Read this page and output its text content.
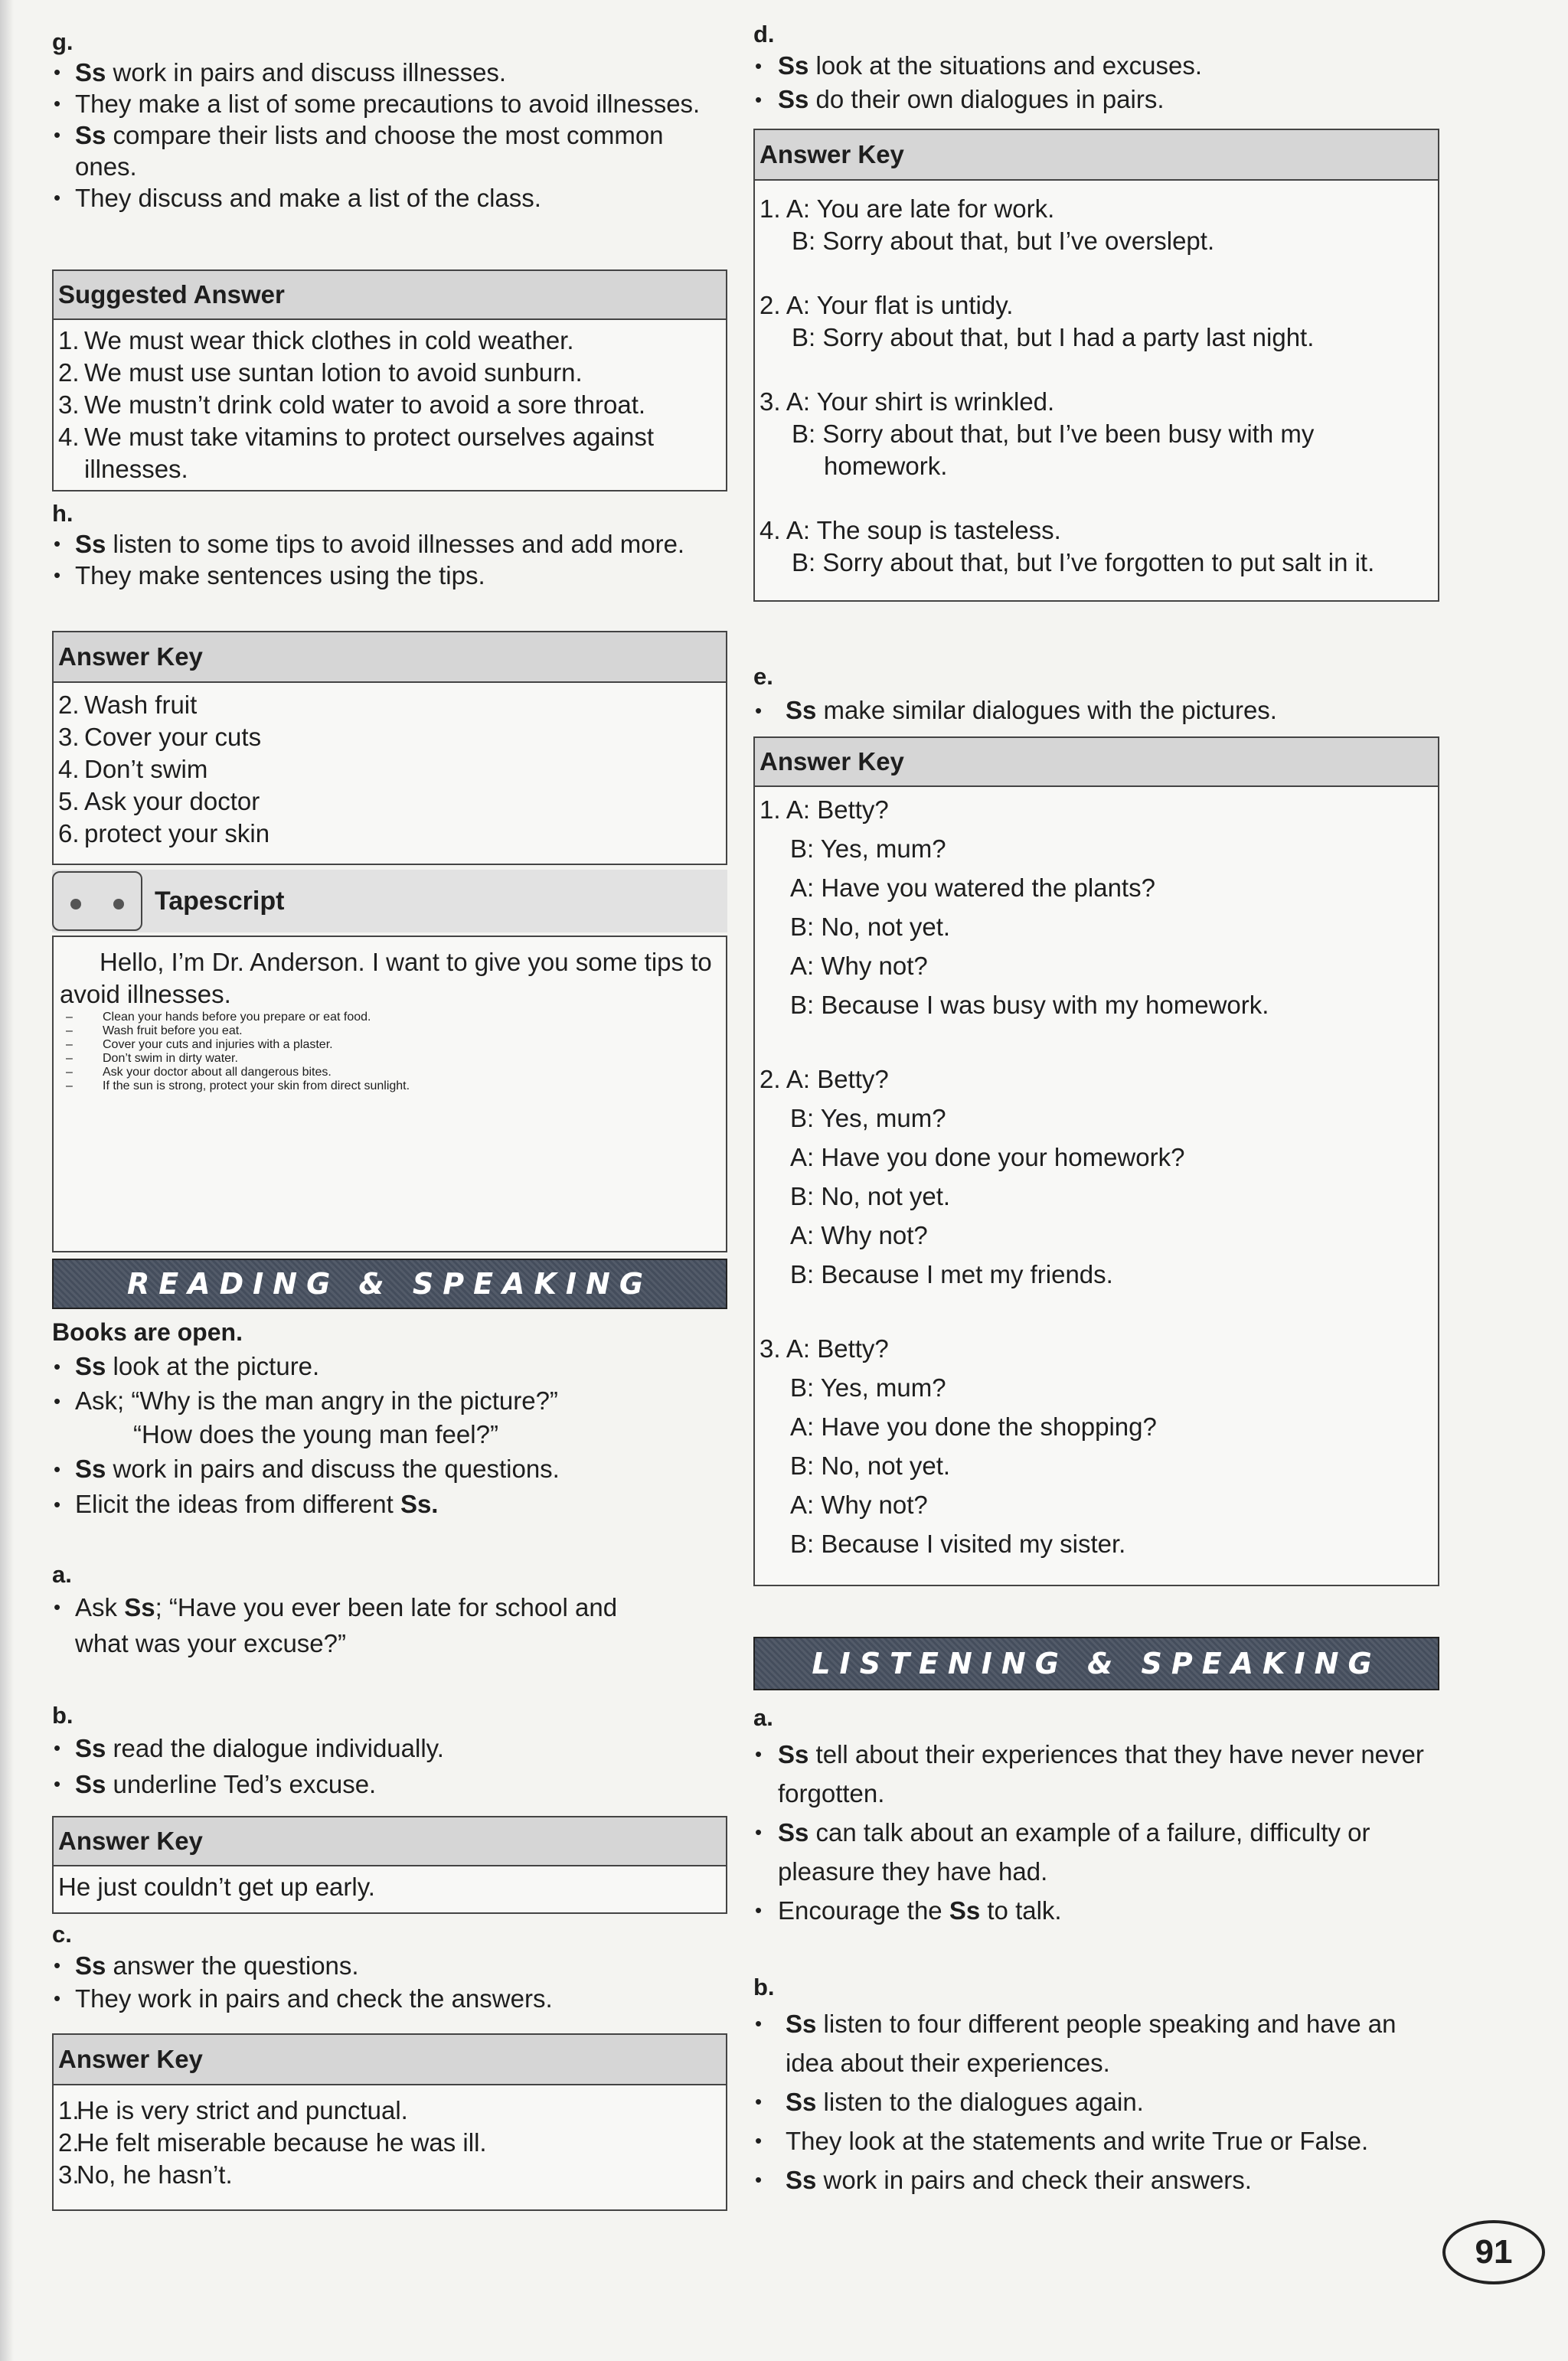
g.

• Ss work in pairs and discuss illnesses.
• They make a list of some precautions to avoid illnesses.
• Ss compare their lists and choose the most common ones.
• They discuss and make a list of the class.
Suggested Answer
1. We must wear thick clothes in cold weather.
2. We must use suntan lotion to avoid sunburn.
3. We mustn’t drink cold water to avoid a sore throat.
4. We must take vitamins to protect ourselves against illnesses.

h.

• Ss listen to some tips to avoid illnesses and add more.
• They make sentences using the tips.
Answer Key
2. Wash fruit
3. Cover your cuts
4. Don’t swim
5. Ask your doctor
6. protect your skin
Tapescript

Hello, I’m Dr. Anderson. I want to give you some tips to avoid illnesses.

–	Clean your hands before you prepare or eat food.
–	Wash fruit before you eat.
–	Cover your cuts and injuries with a plaster.
–	Don’t swim in dirty water.
–	Ask your doctor about all dangerous bites.
–	If the sun is strong, protect your skin from direct sunlight.
READING & SPEAKING

Books are open.

• Ss look at the picture.
• Ask; “Why is the man angry in the picture?”
“How does the young man feel?”
• Ss work in pairs and discuss the questions.
• Elicit the ideas from different Ss.

a.

• Ask Ss; “Have you ever been late for school and what was your excuse?”

b.

• Ss read the dialogue individually.
• Ss underline Ted’s excuse.
Answer Key

He just couldn’t get up early.

c.

• Ss answer the questions.
• They work in pairs and check the answers.
Answer Key
1.He is very strict and punctual.
2.He felt miserable because he was ill.
3.No, he hasn’t.

d.

• Ss look at the situations and excuses.
• Ss do their own dialogues in pairs.
Answer Key

1. A: You are late for work.

B: Sorry about that, but I’ve overslept.

2. A: Your flat is untidy.

B: Sorry about that, but I had a party last night.

3. A: Your shirt is wrinkled.

B: Sorry about that, but I’ve been busy with my

homework.

4. A: The soup is tasteless.

B: Sorry about that, but I’ve forgotten to put salt in it.

e.

• Ss make similar dialogues with the pictures.
Answer Key
1. A: Betty?
B: Yes, mum?
A: Have you watered the plants?
B: No, not yet.
A: Why not?
B: Because I was busy with my homework.
2. A: Betty?
B: Yes, mum?
A: Have you done your homework?
B: No, not yet.
A: Why not?
B: Because I met my friends.
3. A: Betty?
B: Yes, mum?
A: Have you done the shopping?
B: No, not yet.
A: Why not?
B: Because I visited my sister.
LISTENING & SPEAKING

a.

• Ss tell about their experiences that they have never never forgotten.
• Ss can talk about an example of a failure, difficulty or pleasure they have had.
• Encourage the Ss to talk.

b.

• Ss listen to four different people speaking and have an idea about their experiences.
• Ss listen to the dialogues again.
• They look at the statements and write True or False.
• Ss work in pairs and check their answers.
91
